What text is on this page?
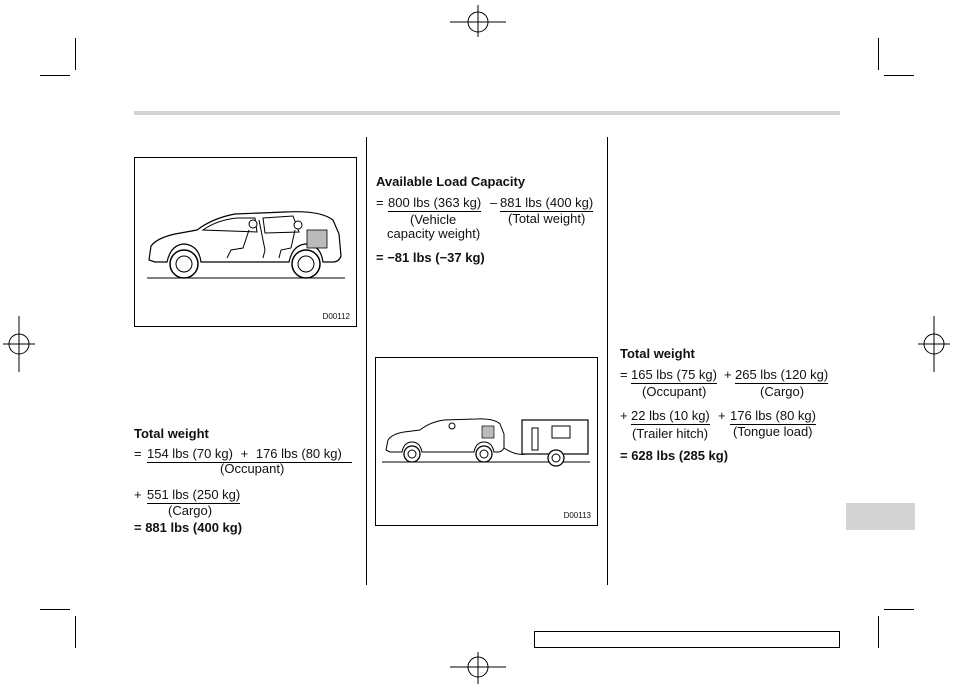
D00112
Total weight
= 154 lbs (70 kg) + 176 lbs (80 kg)
(Occupant)
+ 551 lbs (250 kg)
(Cargo)
= 881 lbs (400 kg)
Available Load Capacity
= 800 lbs (363 kg) – 881 lbs (400 kg)
(Vehicle
capacity weight)
(Total weight)
= −81 lbs (−37 kg)
D00113
Total weight
= 165 lbs (75 kg) + 265 lbs (120 kg)
(Occupant)	(Cargo)
+ 22 lbs (10 kg) + 176 lbs (80 kg)
(Trailer hitch) (Tongue load)
= 628 lbs (285 kg)
